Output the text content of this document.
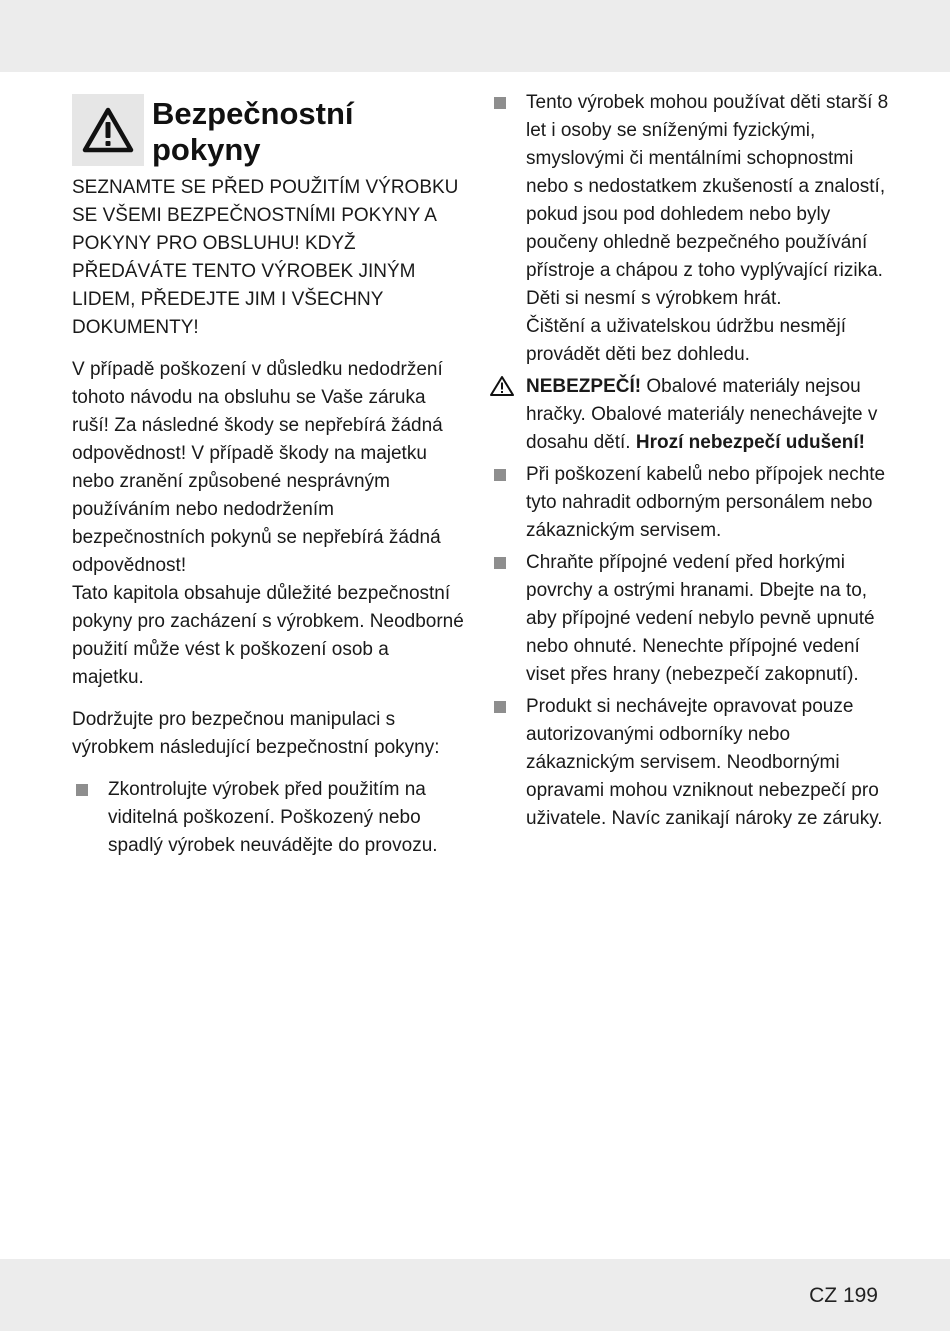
Bezpečnostní pokyny

SEZNAMTE SE PŘED POUŽITÍM VÝROBKU SE VŠEMI BEZPEČNOSTNÍMI POKYNY A POKYNY PRO OBSLUHU! KDYŽ PŘEDÁVÁTE TENTO VÝROBEK JINÝM LIDEM, PŘEDEJTE JIM I VŠECHNY DOKUMENTY!

V případě poškození v důsledku nedodržení tohoto návodu na obsluhu se Vaše záruka ruší! Za následné škody se nepřebírá žádná odpovědnost! V případě škody na majetku nebo zranění způsobené nesprávným používáním nebo nedodržením bezpečnostních pokynů se nepřebírá žádná odpovědnost!
Tato kapitola obsahuje důležité bezpečnostní pokyny pro zacházení s výrobkem. Neodborné použití může vést k poškození osob a majetku.

Dodržujte pro bezpečnou manipulaci s výrobkem následující bezpečnostní pokyny:

Zkontrolujte výrobek před použitím na viditelná poškození. Poškozený nebo spadlý výrobek neuvádějte do provozu.
Tento výrobek mohou používat děti starší 8 let i osoby se sníženými fyzickými, smyslovými či mentálními schopnostmi nebo s nedostatkem zkušeností a znalostí, pokud jsou pod dohledem nebo byly poučeny ohledně bezpečného používání přístroje a chápou z toho vyplývající rizika.
Děti si nesmí s výrobkem hrát.
Čištění a uživatelskou údržbu nesmějí provádět děti bez dohledu.
NEBEZPEČÍ! Obalové materiály nejsou hračky. Obalové materiály nenechávejte v dosahu dětí. Hrozí nebezpečí udušení!
Při poškození kabelů nebo přípojek nechte tyto nahradit odborným personálem nebo zákaznickým servisem.
Chraňte přípojné vedení před horkými povrchy a ostrými hranami. Dbejte na to, aby přípojné vedení nebylo pevně upnuté nebo ohnuté. Nenechte přípojné vedení viset přes hrany (nebezpečí zakopnutí).
Produkt si nechávejte opravovat pouze autorizovanými odborníky nebo zákaznickým servisem. Neodbornými opravami mohou vzniknout nebezpečí pro uživatele. Navíc zanikají nároky ze záruky.
CZ 199
